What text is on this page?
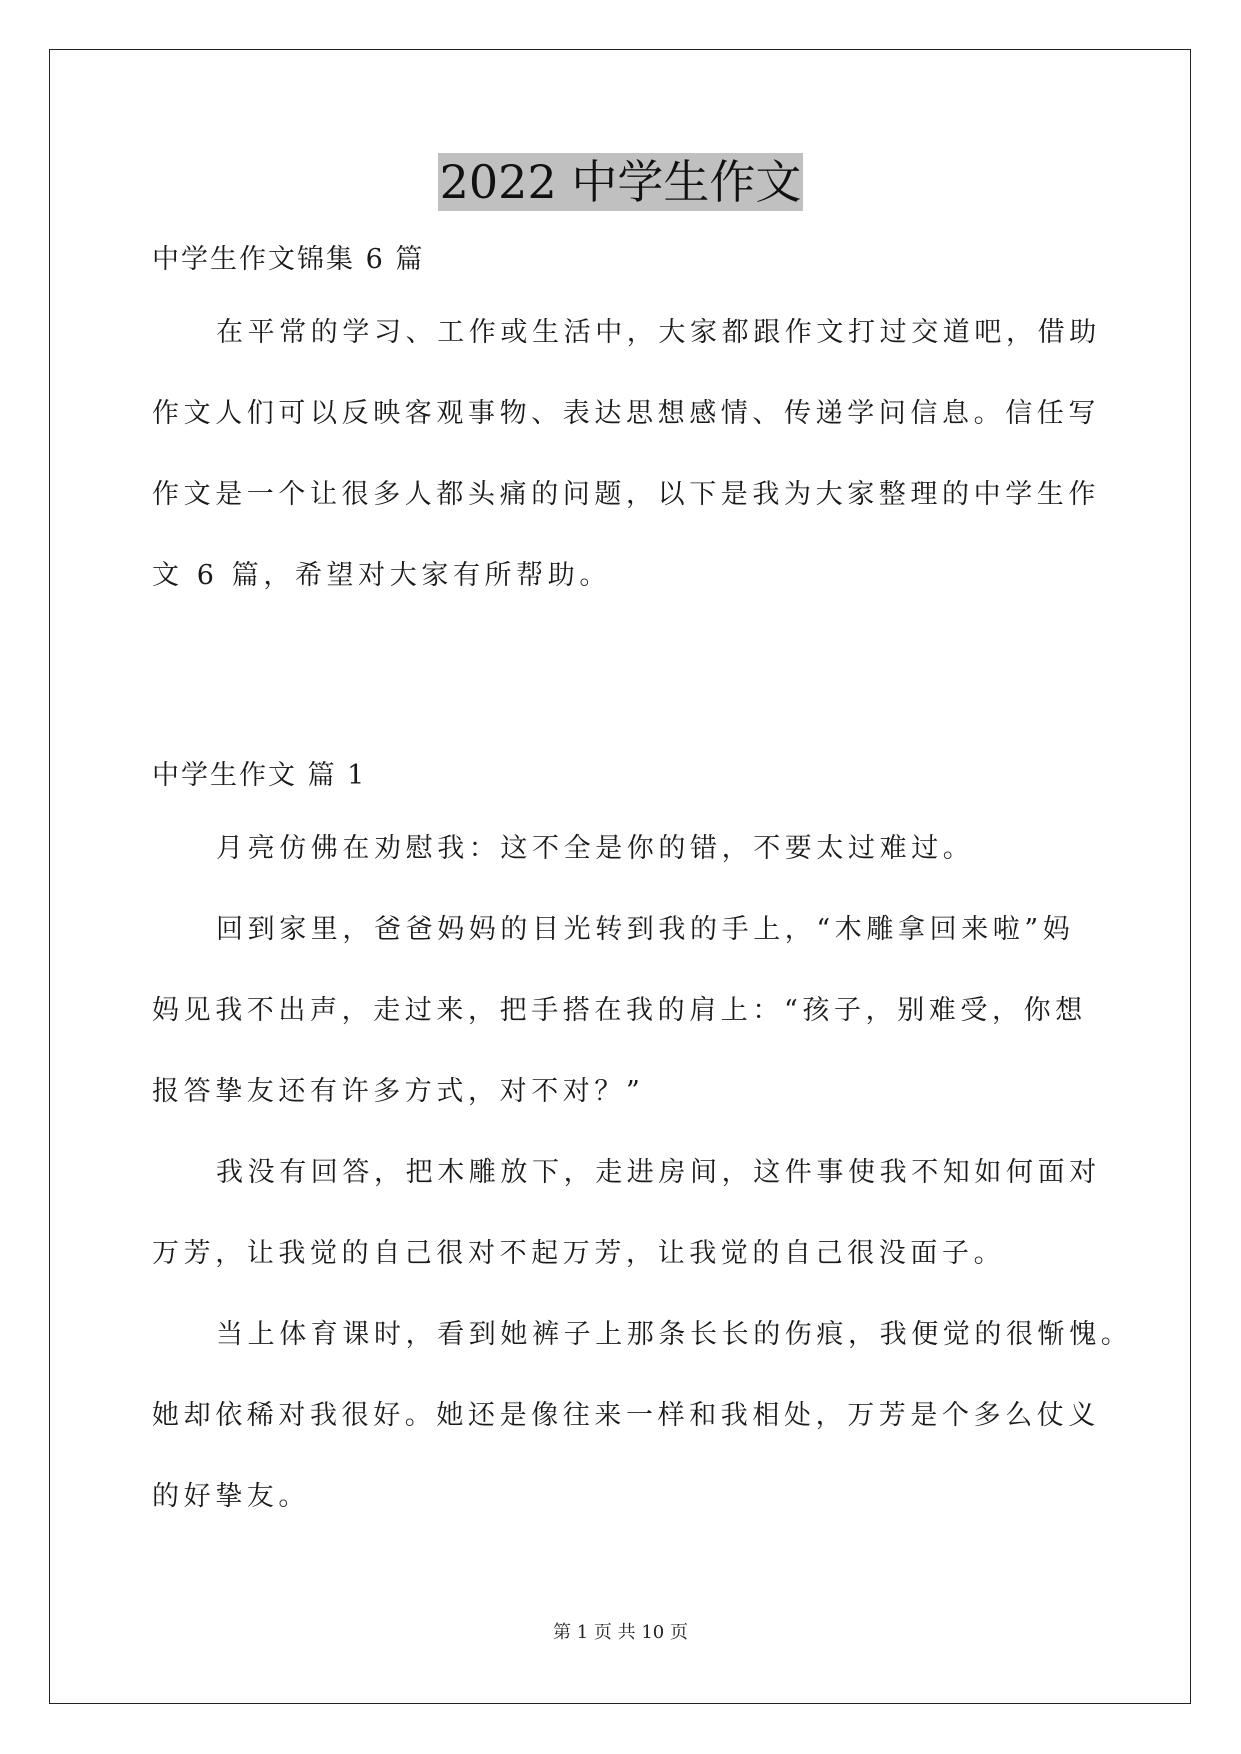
2022 中学生作文
中学生作文锦集 6 篇
在平常的学习、工作或生活中，大家都跟作文打过交道吧，借助
作文人们可以反映客观事物、表达思想感情、传递学问信息。信任写
作文是一个让很多人都头痛的问题，以下是我为大家整理的中学生作
文 6 篇，希望对大家有所帮助。
中学生作文 篇 1
月亮仿佛在劝慰我：这不全是你的错，不要太过难过。
回到家里，爸爸妈妈的目光转到我的手上，“木雕拿回来啦”妈
妈见我不出声，走过来，把手搭在我的肩上：“孩子，别难受，你想
报答挚友还有许多方式，对不对？”
我没有回答，把木雕放下，走进房间，这件事使我不知如何面对
万芳，让我觉的自己很对不起万芳，让我觉的自己很没面子。
当上体育课时，看到她裤子上那条长长的伤痕，我便觉的很惭愧。
她却依稀对我很好。她还是像往来一样和我相处，万芳是个多么仗义
的好挚友。
第 1 页 共 10 页
